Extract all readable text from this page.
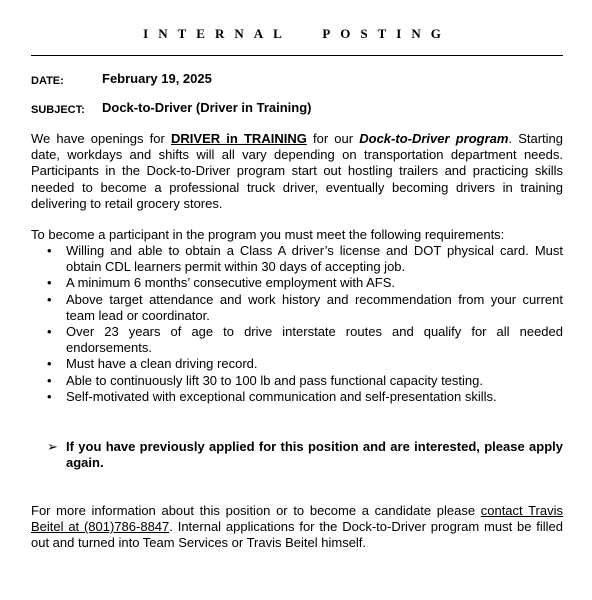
INTERNAL POSTING
DATE:	February 19, 2025
SUBJECT: Dock-to-Driver (Driver in Training)

We have openings for DRIVER in TRAINING for our Dock-to-Driver program. Starting date, workdays and shifts will all vary depending on transportation department needs. Participants in the Dock-to-Driver program start out hostling trailers and practicing skills needed to become a professional truck driver, eventually becoming drivers in training delivering to retail grocery stores.

To become a participant in the program you must meet the following requirements:

• Willing and able to obtain a Class A driver’s license and DOT physical card. Must obtain CDL learners permit within 30 days of accepting job.
• A minimum 6 months’ consecutive employment with AFS.
• Above target attendance and work history and recommendation from your current team lead or coordinator.
• Over 23 years of age to drive interstate routes and qualify for all needed endorsements.
• Must have a clean driving record.
• Able to continuously lift 30 to 100 lb and pass functional capacity testing.
• Self-motivated with exceptional communication and self-presentation skills.
➢ If you have previously applied for this position and are interested, please apply again.

For more information about this position or to become a candidate please contact Travis Beitel at (801)786-8847. Internal applications for the Dock-to-Driver program must be filled out and turned into Team Services or Travis Beitel himself.
